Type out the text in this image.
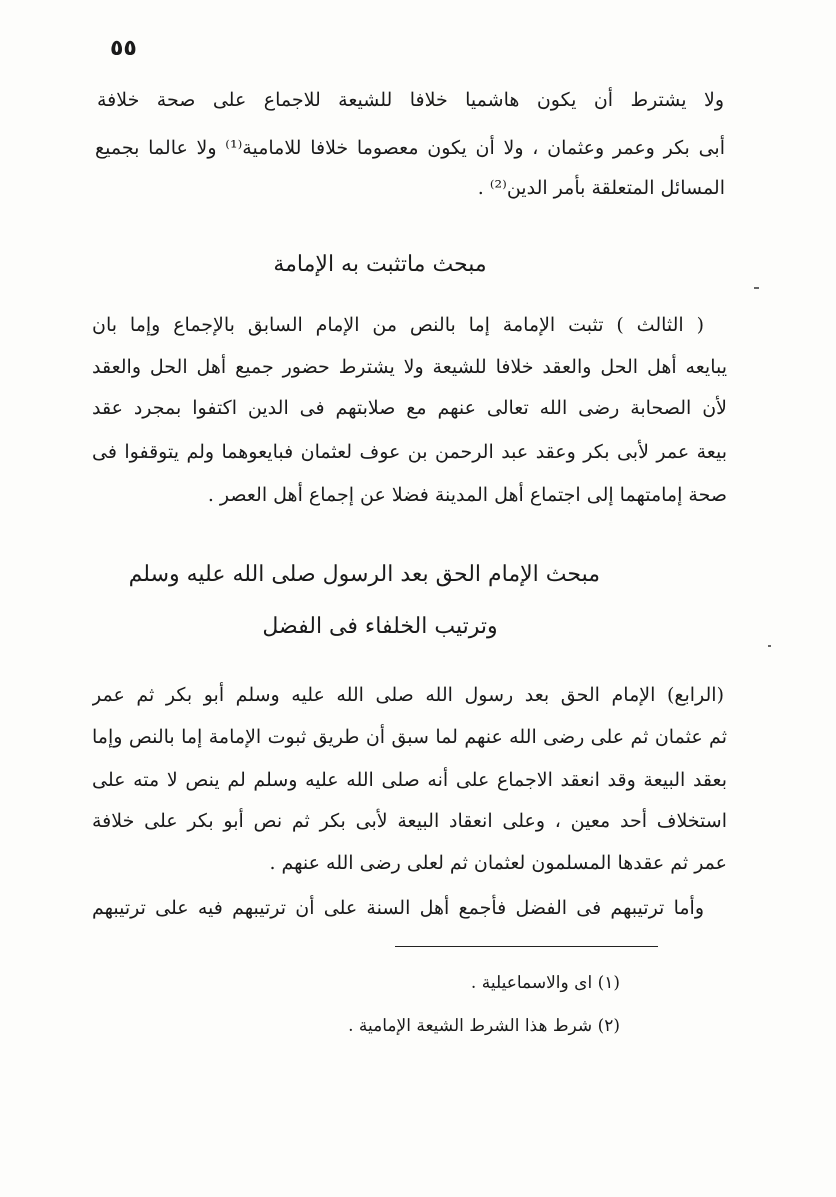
٥٥
ولا يشترط أن يكون هاشميا خلافا للشيعة للاجماع على صحة خلافة
أبى بكر وعمر وعثمان ، ولا أن يكون معصوما خلافا للامامية⁽¹⁾ ولا عالما بجميع
المسائل المتعلقة بأمر الدين⁽²⁾ .
مبحث ماتثبت به الإمامة
( الثالث ) تثبت الإمامة إما بالنص من الإمام السابق بالإجماع وإما بان
يبايعه أهل الحل والعقد خلافا للشيعة ولا يشترط حضور جميع أهل الحل والعقد
لأن الصحابة رضى الله تعالى عنهم مع صلابتهم فى الدين اكتفوا بمجرد عقد
بيعة عمر لأبى بكر وعقد عبد الرحمن بن عوف لعثمان فبايعوهما ولم يتوقفوا فى
صحة إمامتهما إلى اجتماع أهل المدينة فضلا عن إجماع أهل العصر .
مبحث الإمام الحق بعد الرسول صلى الله عليه وسلم
وترتيب الخلفاء فى الفضل
(الرابع) الإمام الحق بعد رسول الله صلى الله عليه وسلم أبو بكر ثم عمر
ثم عثمان ثم على رضى الله عنهم لما سبق أن طريق ثبوت الإمامة إما بالنص وإما
بعقد البيعة وقد انعقد الاجماع على أنه صلى الله عليه وسلم لم ينص لا مته على
استخلاف أحد معين ، وعلى انعقاد البيعة لأبى بكر ثم نص أبو بكر على خلافة
عمر ثم عقدها المسلمون لعثمان ثم لعلى رضى الله عنهم .
وأما ترتيبهم فى الفضل فأجمع أهل السنة على أن ترتيبهم فيه على ترتيبهم
(١) اى والاسماعيلية .
(٢) شرط هذا الشرط الشيعة الإمامية .
